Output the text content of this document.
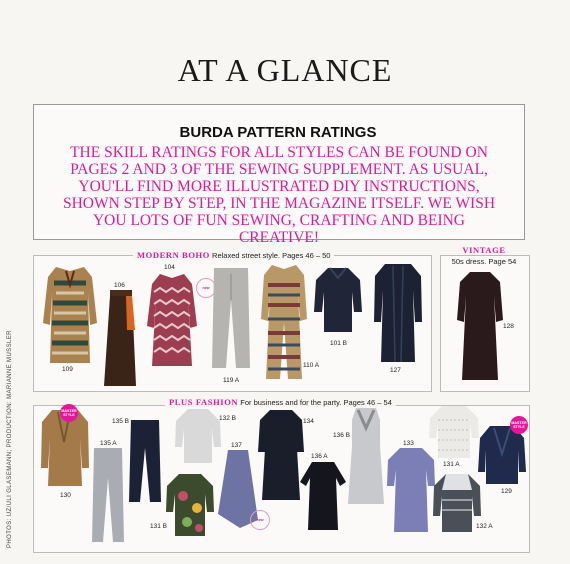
AT A GLANCE
BURDA PATTERN RATINGS
THE SKILL RATINGS FOR ALL STYLES CAN BE FOUND ON PAGES 2 AND 3 OF THE SEWING SUPPLEMENT. AS USUAL, YOU'LL FIND MORE ILLUSTRATED DIY INSTRUCTIONS, SHOWN STEP BY STEP, IN THE MAGAZINE ITSELF. WE WISH YOU LOTS OF FUN SEWING, CRAFTING AND BEING CREATIVE!
PHOTOS: UZ/ULI GLASEMANN; PRODUCTION: MARIANNE MUSSLER
MODERN BOHO Relaxed street style. Pages 46 – 50
VINTAGE
50s dress. Page 54
PLUS FASHION For business and for the party. Pages 46 – 54
109
106
104
new
119 A
110 A
101 B
127
128
MASTER STYLE
130
135 B
135 A
132 B
131 B
137
new
134
136 A
136 B
133
131 A
MASTER STYLE
129
132 A
